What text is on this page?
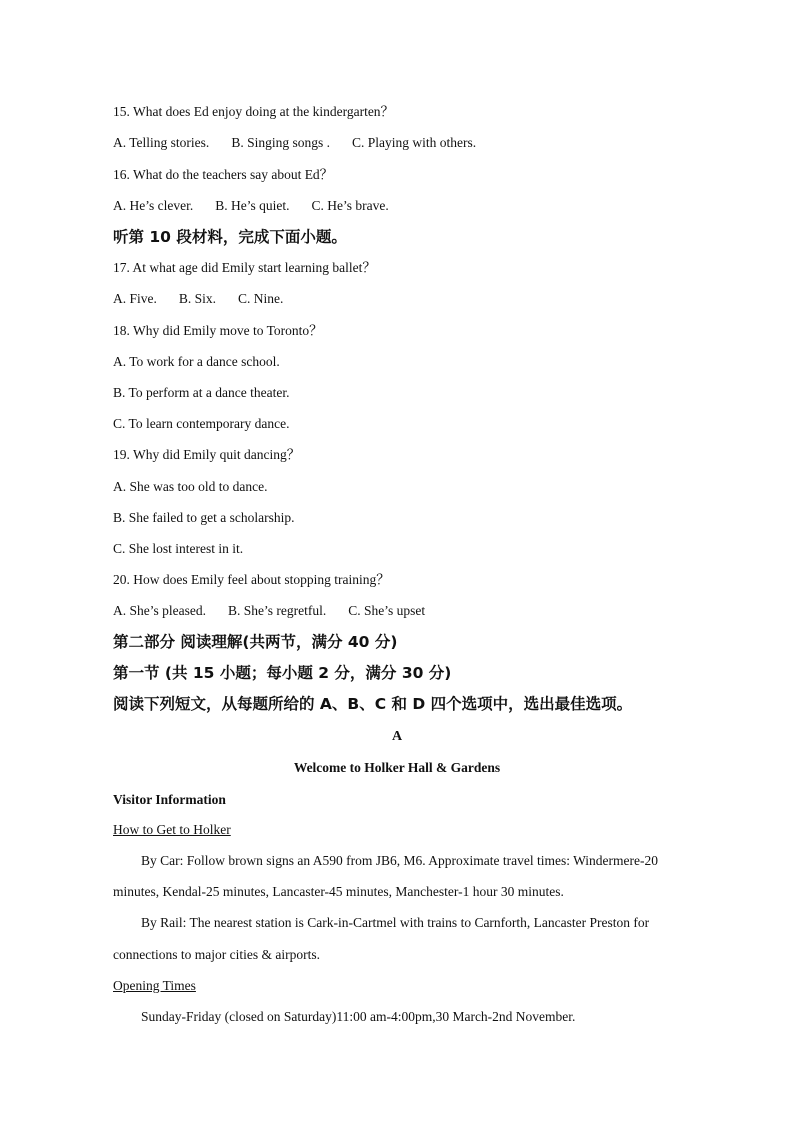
15. What does Ed enjoy doing at the kindergarten？
A. Telling stories. B. Singing songs . C. Playing with others.
16. What do the teachers say about Ed？
A. He’s clever. B. He’s quiet. C. He’s brave.
听第 10 段材料，完成下面小题。
17. At what age did Emily start learning ballet？
A. Five. B. Six. C. Nine.
18. Why did Emily move to Toronto？
A. To work for a dance school.
B. To perform at a dance theater.
C. To learn contemporary dance.
19. Why did Emily quit dancing？
A. She was too old to dance.
B. She failed to get a scholarship.
C. She lost interest in it.
20. How does Emily feel about stopping training？
A. She’s pleased. B. She’s regretful. C. She’s upset
第二部分 阅读理解(共两节，满分 40 分)
第一节 (共 15 小题；每小题 2 分，满分 30 分)
阅读下列短文，从每题所给的 A、B、C 和 D 四个选项中，选出最佳选项。
A
Welcome to Holker Hall & Gardens
Visitor Information
How to Get to Holker
By Car: Follow brown signs an A590 from JB6, M6. Approximate travel times: Windermere-20
minutes, Kendal-25 minutes, Lancaster-45 minutes, Manchester-1 hour 30 minutes.
By Rail: The nearest station is Cark-in-Cartmel with trains to Carnforth, Lancaster Preston for
connections to major cities & airports.
Opening Times
Sunday-Friday (closed on Saturday)11:00 am-4:00pm,30 March-2nd November.
